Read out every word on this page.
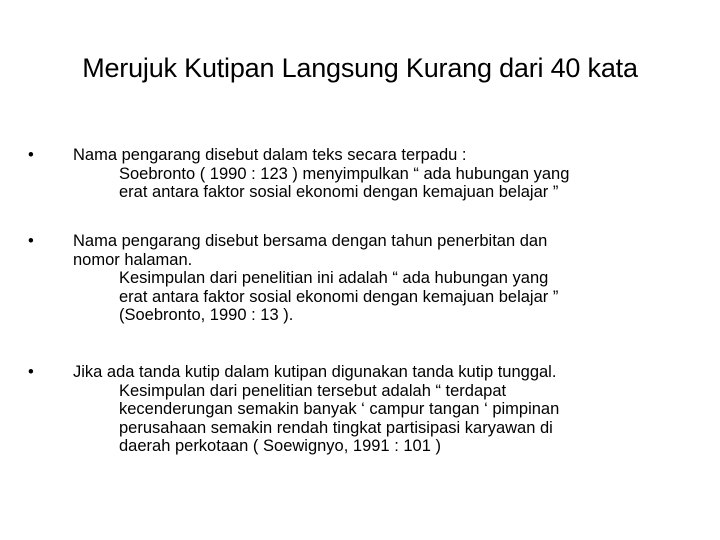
Merujuk Kutipan Langsung Kurang dari 40 kata
•	Nama pengarang disebut dalam teks secara terpadu :
Soebronto ( 1990 : 123 ) menyimpulkan “ ada hubungan yang
erat antara faktor sosial ekonomi dengan kemajuan belajar ”
•	Nama pengarang disebut bersama dengan tahun penerbitan dan
nomor halaman.
Kesimpulan dari penelitian ini adalah “ ada hubungan yang
erat antara faktor sosial ekonomi dengan kemajuan belajar ”
(Soebronto, 1990 : 13 ).
•	Jika ada tanda kutip dalam kutipan digunakan tanda kutip tunggal.
Kesimpulan dari penelitian tersebut adalah “ terdapat
kecenderungan semakin banyak ‘ campur tangan ‘ pimpinan
perusahaan semakin rendah tingkat partisipasi karyawan di
daerah perkotaan ( Soewignyo, 1991 : 101 )
